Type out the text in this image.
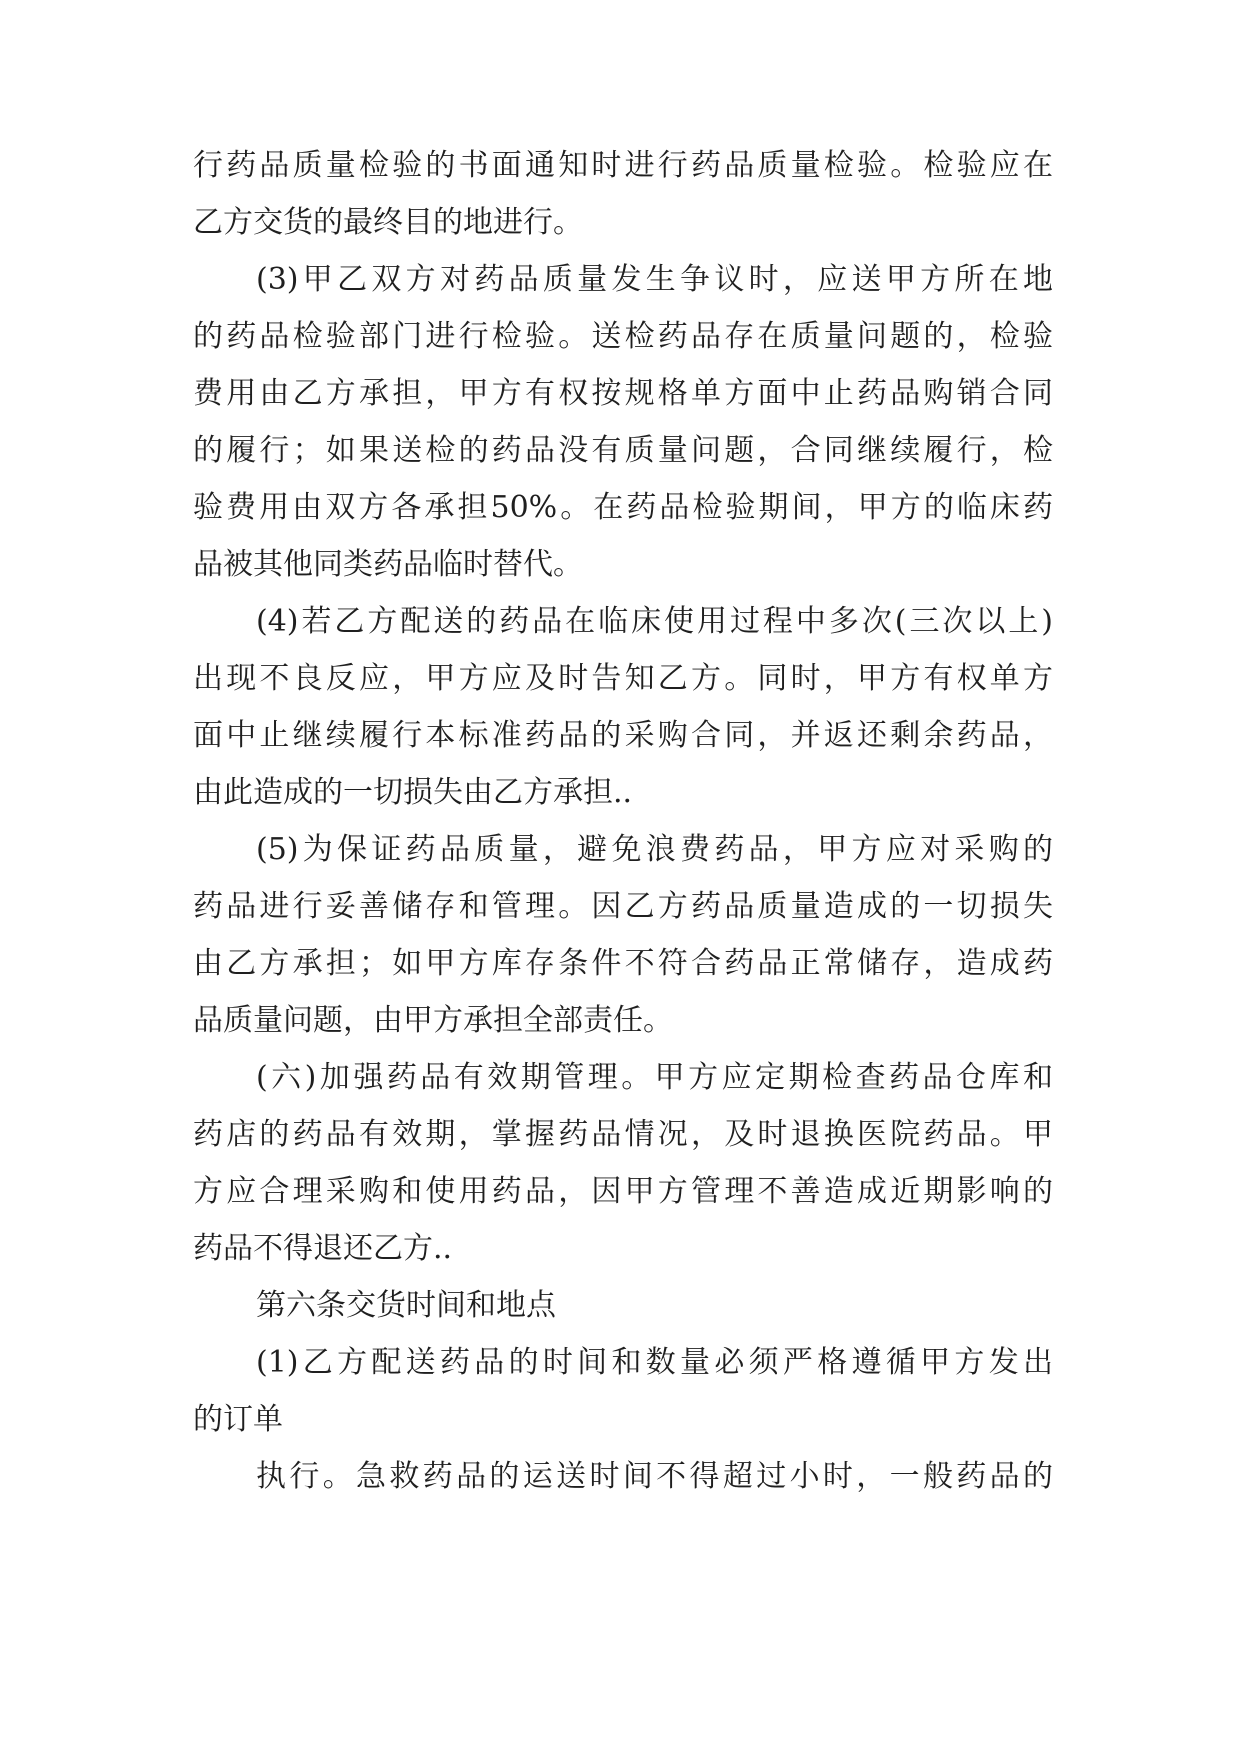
行药品质量检验的书面通知时进行药品质量检验。检验应在
乙方交货的最终目的地进行。
(3)甲乙双方对药品质量发生争议时，应送甲方所在地
的药品检验部门进行检验。送检药品存在质量问题的，检验
费用由乙方承担，甲方有权按规格单方面中止药品购销合同
的履行；如果送检的药品没有质量问题，合同继续履行，检
验费用由双方各承担50%。在药品检验期间，甲方的临床药
品被其他同类药品临时替代。
(4)若乙方配送的药品在临床使用过程中多次(三次以上)
出现不良反应，甲方应及时告知乙方。同时，甲方有权单方
面中止继续履行本标准药品的采购合同，并返还剩余药品，
由此造成的一切损失由乙方承担..
(5)为保证药品质量，避免浪费药品，甲方应对采购的
药品进行妥善储存和管理。因乙方药品质量造成的一切损失
由乙方承担；如甲方库存条件不符合药品正常储存，造成药
品质量问题，由甲方承担全部责任。
(六)加强药品有效期管理。甲方应定期检查药品仓库和
药店的药品有效期，掌握药品情况，及时退换医院药品。甲
方应合理采购和使用药品，因甲方管理不善造成近期影响的
药品不得退还乙方..
第六条交货时间和地点
(1)乙方配送药品的时间和数量必须严格遵循甲方发出
的订单
执行。急救药品的运送时间不得超过小时，一般药品的
